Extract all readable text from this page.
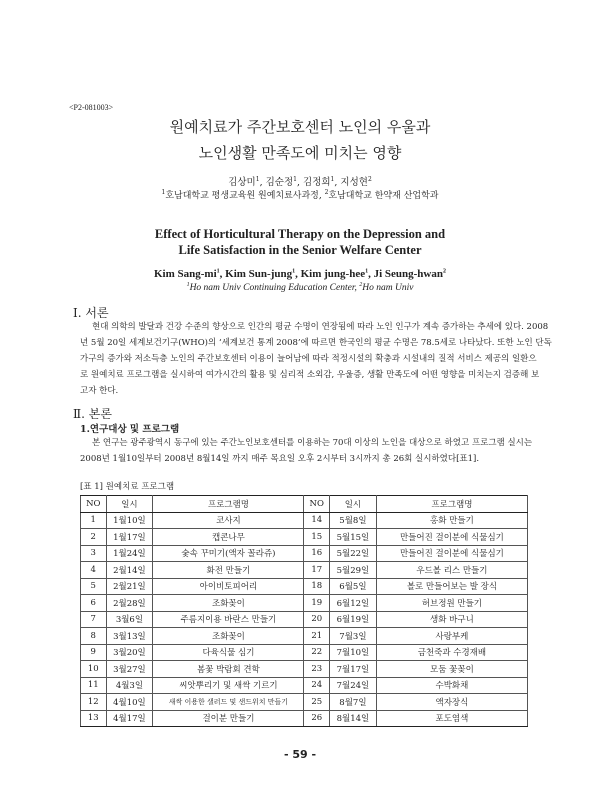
<P2-081003>
원예치료가 주간보호센터 노인의 우울과
노인생활 만족도에 미치는 영향
김상미$^1$, 김순정$^1$, 김정희$^1$, 지성현$^2$
$^1$호남대학교 평생교육원 원예치료사과정, $^2$호남대학교 한약재 산업학과
Effect of Horticultural Therapy on the Depression and
Life Satisfaction in the Senior Welfare Center
Kim Sang-$mi^1$, Kim Sun-jung$^1$, Kim jung-hee$^1$, Ji Seung-hwan$^2$
$^1$Ho nam Univ Continuing Education Center, $^2$Ho nam Univ
Ⅰ. 서론
현대 의학의 발달과 건강 수준의 향상으로 인간의 평균 수명이 연장됨에 따라 노인 인구가 계속 증가하는 추세에 있다. 2008
년 5월 20일 세계보건기구(WHO)의 ‘세계보건 통계 2008’에 따르면 한국인의 평균 수명은 78.5세로 나타났다. 또한 노인 단독
가구의 증가와 저소득층 노인의 주간보호센터 이용이 늘어남에 따라 적정시설의 확충과 시설내의 질적 서비스 제공의 일환으
로 원예치료 프로그램을 실시하여 여가시간의 활용 및 심리적 소외감, 우울증, 생활 만족도에 어떤 영향을 미치는지 검증해 보
고자 한다.
Ⅱ. 본론
1.연구대상 및 프로그램
본 연구는 광주광역시 동구에 있는 주간노인보호센터를 이용하는 70대 이상의 노인을 대상으로 하였고 프로그램 실시는
2008년 1월10일부터 2008년 8월14일 까지 매주 목요일 오후 2시부터 3시까지 총 26회 실시하였다[표1].
[표 1] 원예치료 프로그램
NO	일시	프로그램명	NO	일시	프로그램명
1	1월10일	코사지	14	5월8일	홍화 만들기
2	1월17일	캡콘나무	15	5월15일	만들어진 걸이분에 식물심기
3	1월24일	숯속 꾸미기(액자 꼴라쥬)	16	5월22일	만들어진 걸이분에 식물심기
4	2월14일	화전 만들기	17	5월29일	우드볼 리스 만들기
5	2월21일	아이비토피어리	18	6월5일	볼로 만들어보는 발 장식
6	2월28일	조화꽂이	19	6월12일	허브정원 만들기
7	3월6일	주름지이용 바란스 만들기	20	6월19일	생화 바구니
8	3월13일	조화꽂이	21	7월3일	사랑부케
9	3월20일	다육식물 심기	22	7월10일	금천죽과 수경재배
10	3월27일	봄꽃 박람회 견학	23	7월17일	모둠 꽃꽂이
11	4월3일	씨앗뿌리기 및 새싹 기르기	24	7월24일	수박화채
12	4월10일	새싹 이용한 샐러드 및 샌드위치 만들기	25	8월7일	액자장식
13	4월17일	걸이분 만들기	26	8월14일	포도염색
- 59 -
